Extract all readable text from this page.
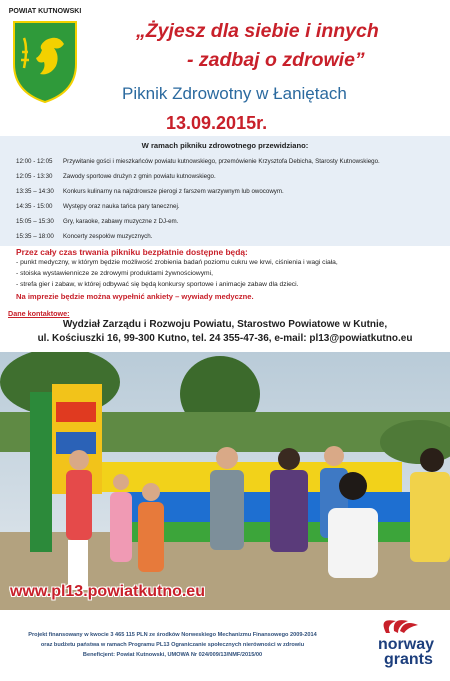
POWIAT KUTNOWSKI
„Żyjesz dla siebie i innych
- zadbaj o zdrowie”
Piknik Zdrowotny w Łaniętach
13.09.2015r.
W ramach pikniku zdrowotnego przewidziano:
12:00 - 12:05 Przywitanie gości i mieszkańców powiatu kutnowskiego, przemówienie Krzysztofa Debicha, Starosty Kutnowskiego.
12:05 - 13:30 Zawody sportowe drużyn z gmin powiatu kutnowskiego.
13:35 – 14:30 Konkurs kulinarny na najzdrowsze pierogi z farszem warzywnym lub owocowym.
14:35 - 15:00 Występy oraz nauka tańca pary tanecznej.
15:05 – 15:30 Gry, karaoke, zabawy muzyczne z DJ-em.
15:35 – 18:00 Koncerty zespołów muzycznych.
Przez cały czas trwania pikniku bezpłatnie dostępne będą:
- punkt medyczny, w którym będzie możliwość zrobienia badań poziomu cukru we krwi, ciśnienia i wagi ciała,
- stoiska wystawiennicze ze zdrowymi produktami żywnościowymi,
- strefa gier i zabaw, w której odbywać się będą konkursy sportowe i animacje zabaw dla dzieci.
Na imprezie będzie można wypełnić ankiety – wywiady medyczne.
Dane kontaktowe:
Wydział Zarządu i Rozwoju Powiatu, Starostwo Powiatowe w Kutnie,
ul. Kościuszki 16, 99-300 Kutno, tel. 24 355-47-36, e-mail: pl13@powiatkutno.eu
www.pl13.powiatkutno.eu
Projekt finansowany w kwocie 3 465 115 PLN ze środków Norweskiego Mechanizmu Finansowego 2009-2014
oraz budżetu państwa w ramach Programu PL13 Ograniczanie społecznych nierówności w zdrowiu
Beneficjent: Powiat Kutnowski, UMOWA Nr 024/009/13/NMF/2015/00
norway
grants
